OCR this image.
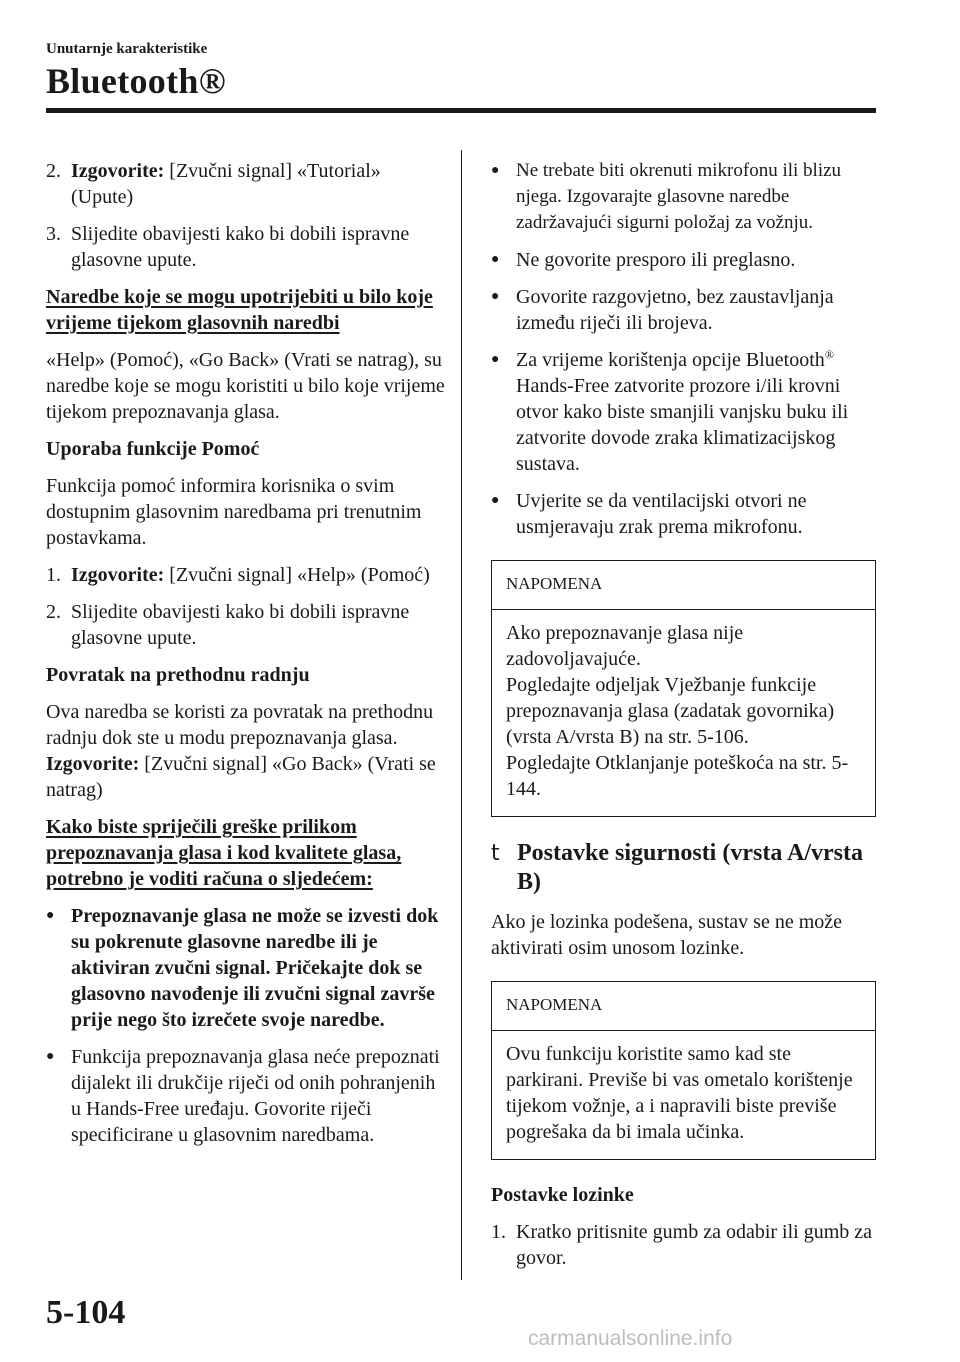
Unutarnje karakteristike
Bluetooth®
2. Izgovorite: [Zvučni signal] «Tutorial» (Upute)
3. Slijedite obavijesti kako bi dobili ispravne glasovne upute.

Naredbe koje se mogu upotrijebiti u bilo koje vrijeme tijekom glasovnih naredbi

«Help» (Pomoć), «Go Back» (Vrati se natrag), su naredbe koje se mogu koristiti u bilo koje vrijeme tijekom prepoznavanja glasa.

Uporaba funkcije Pomoć

Funkcija pomoć informira korisnika o svim dostupnim glasovnim naredbama pri trenutnim postavkama.

1. Izgovorite: [Zvučni signal] «Help» (Pomoć)
2. Slijedite obavijesti kako bi dobili ispravne glasovne upute.

Povratak na prethodnu radnju

Ova naredba se koristi za povratak na prethodnu radnju dok ste u modu prepoznavanja glasa.

Izgovorite: [Zvučni signal] «Go Back» (Vrati se natrag)

Kako biste spriječili greške prilikom prepoznavanja glasa i kod kvalitete glasa, potrebno je voditi računa o sljedećem:

● Prepoznavanje glasa ne može se izvesti dok su pokrenute glasovne naredbe ili je aktiviran zvučni signal. Pričekajte dok se glasovno navođenje ili zvučni signal završe prije nego što izrečete svoje naredbe.
● Funkcija prepoznavanja glasa neće prepoznati dijalekt ili drukčije riječi od onih pohranjenih u Hands-Free uređaju. Govorite riječi specificirane u glasovnim naredbama.
● Ne trebate biti okrenuti mikrofonu ili blizu njega. Izgovarajte glasovne naredbe zadržavajući sigurni položaj za vožnju.
● Ne govorite presporo ili preglasno.
● Govorite razgovjetno, bez zaustavljanja između riječi ili brojeva.
● Za vrijeme korištenja opcije Bluetooth® Hands-Free zatvorite prozore i/ili krovni otvor kako biste smanjili vanjsku buku ili zatvorite dovode zraka klimatizacijskog sustava.
● Uvjerite se da ventilacijski otvori ne usmjeravaju zrak prema mikrofonu.
NAPOMENA

Ako prepoznavanje glasa nije zadovoljavajuće.

Pogledajte odjeljak Vježbanje funkcije prepoznavanja glasa (zadatak govornika) (vrsta A/vrsta B) na str. 5-106.

Pogledajte Otklanjanje poteškoća na str. 5-144.

t Postavke sigurnosti (vrsta A/vrsta B)

Ako je lozinka podešena, sustav se ne može aktivirati osim unosom lozinke.

NAPOMENA
Ovu funkciju koristite samo kad ste parkirani. Previše bi vas ometalo korištenje tijekom vožnje, a i napravili biste previše pogrešaka da bi imala učinka.

Postavke lozinke

1. Kratko pritisnite gumb za odabir ili gumb za govor.
5-104
carmanualsonline.info
